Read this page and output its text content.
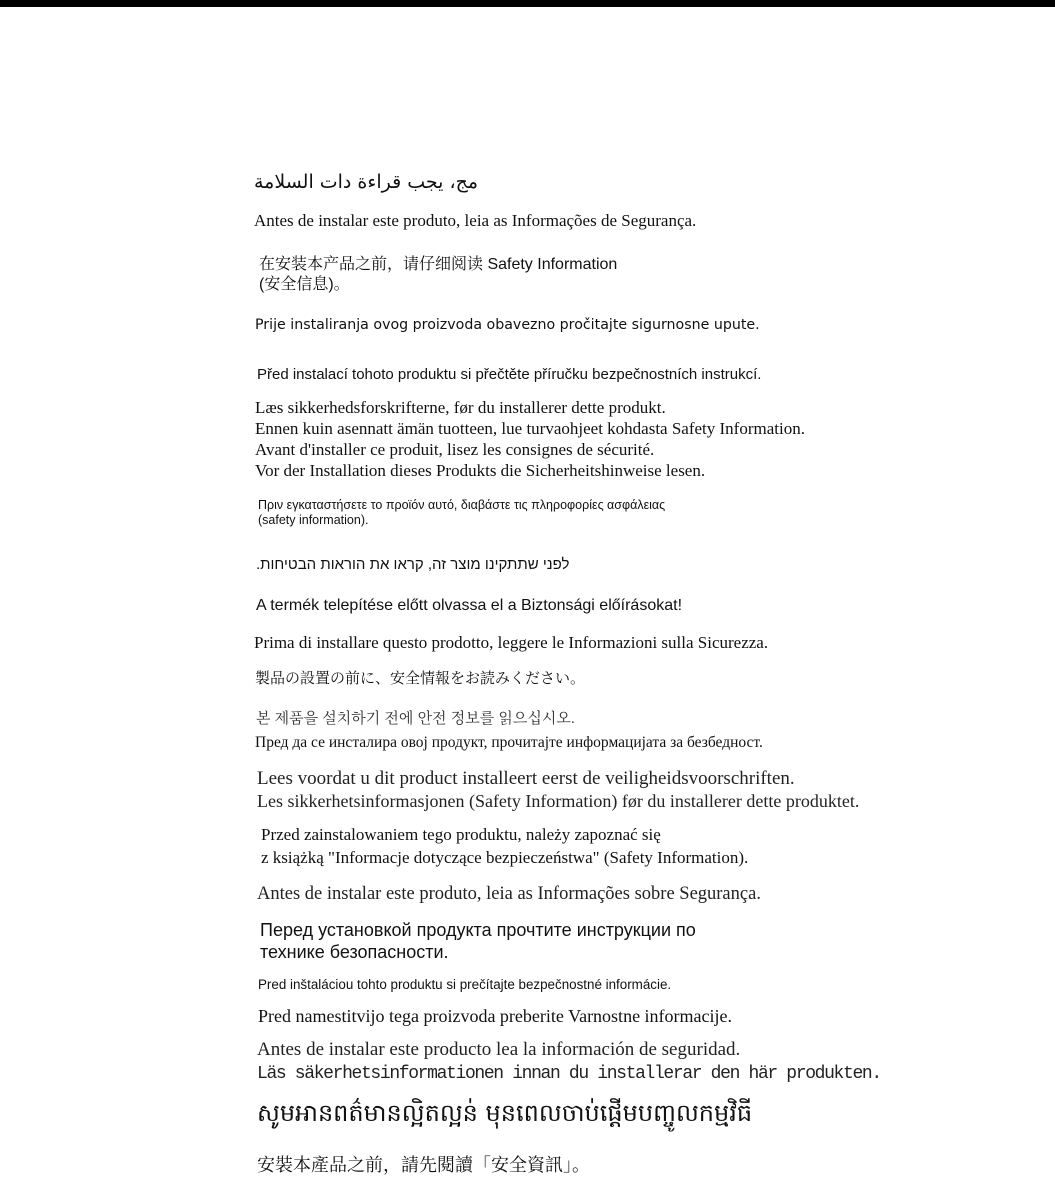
مج، يجب قراءة دات السلامة

Antes de instalar este produto, leia as Informações de Segurança.

在安装本产品之前，请仔细阅读 Safety Information

(安全信息)。

Prije instaliranja ovog proizvoda obavezno pročitajte sigurnosne upute.

Před instalací tohoto produktu si přečtěte příručku bezpečnostních instrukcí.

Læs sikkerhedsforskrifterne, før du installerer dette produkt.

Ennen kuin asennatt ämän tuotteen, lue turvaohjeet kohdasta Safety Information.

Avant d'installer ce produit, lisez les consignes de sécurité.

Vor der Installation dieses Produkts die Sicherheitshinweise lesen.

Πριν εγκαταστήσετε το προϊόν αυτό, διαβάστε τις πληροφορίες ασφάλειας

(safety information).

לפני שתתקינו מוצר זה, קראו את הוראות הבטיחות.

A termék telepítése előtt olvassa el a Biztonsági előírásokat!

Prima di installare questo prodotto, leggere le Informazioni sulla Sicurezza.

製品の設置の前に、安全情報をお読みください。

본 제품을 설치하기 전에 안전 정보를 읽으십시오.

Пред да се инсталира овој продукт, прочитајте информацијата за безбедност.

Lees voordat u dit product installeert eerst de veiligheidsvoorschriften.

Les sikkerhetsinformasjonen (Safety Information) før du installerer dette produktet.

Przed zainstalowaniem tego produktu, należy zapoznać się

z książką "Informacje dotyczące bezpieczeństwa" (Safety Information).

Antes de instalar este produto, leia as Informações sobre Segurança.

Перед установкой продукта прочтите инструкции по

технике безопасности.

Pred inštaláciou tohto produktu si prečítajte bezpečnostné informácie.

Pred namestitvijo tega proizvoda preberite Varnostne informacije.

Antes de instalar este producto lea la información de seguridad.

Läs säkerhetsinformationen innan du installerar den här produkten.

សូមអានពត៌មានល្អិតល្អន់ មុនពេលចាប់ផ្ដើមបញ្ចូលកម្មវិធី

安裝本產品之前，請先閱讀「安全資訊」。
